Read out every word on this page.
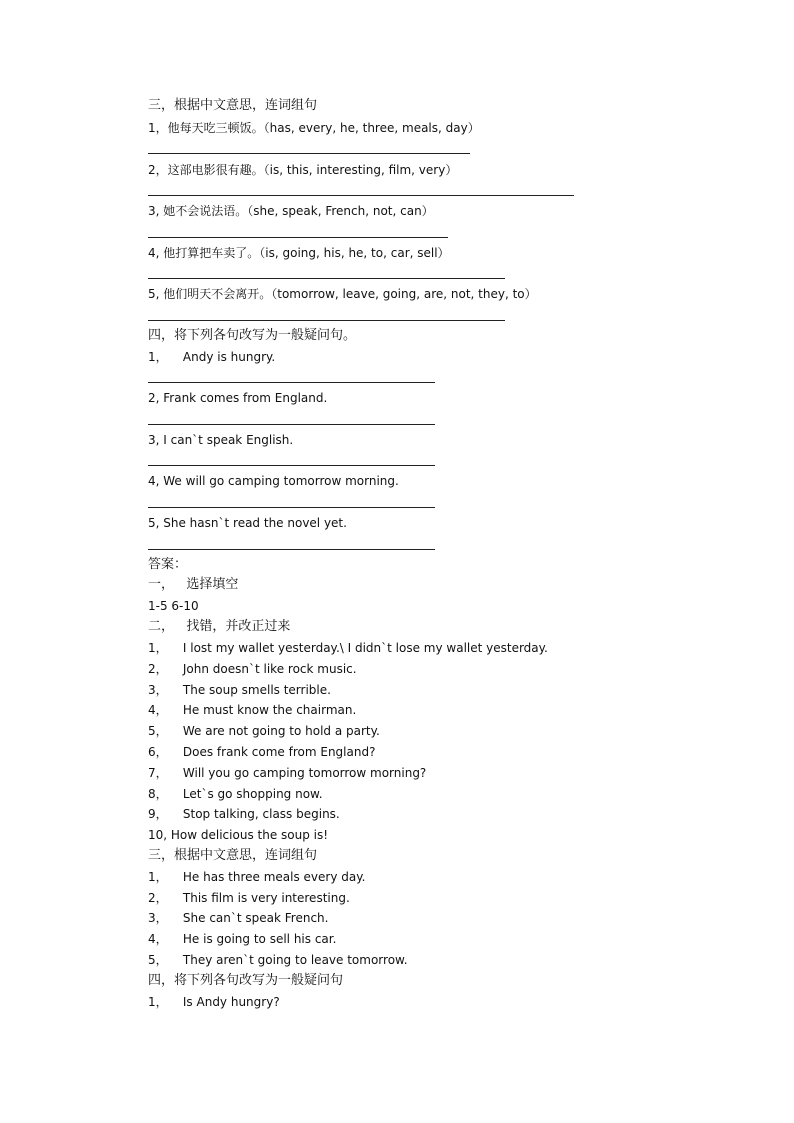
三，根据中文意思，连词组句
1，他每天吃三顿饭。（has, every, he, three, meals, day）
2，这部电影很有趣。（is, this, interesting, film, very）
3, 她不会说法语。（she, speak, French, not, can）
4, 他打算把车卖了。（is, going, his, he, to, car, sell）
5, 他们明天不会离开。（tomorrow, leave, going, are, not, they, to）
四，将下列各句改写为一般疑问句。
1，    Andy is hungry.
2, Frank comes from England.
3, I can`t speak English.
4, We will go camping tomorrow morning.
5, She hasn`t read the novel yet.
答案：
一，   选择填空
1-5 6-10
二，   找错，并改正过来
1，    I lost my wallet yesterday.\ I didn`t lose my wallet yesterday.
2，    John doesn`t like rock music.
3，    The soup smells terrible.
4，    He must know the chairman.
5，    We are not going to hold a party.
6，    Does frank come from England?
7，    Will you go camping tomorrow morning?
8，    Let`s go shopping now.
9，    Stop talking, class begins.
10, How delicious the soup is!
三，根据中文意思，连词组句
1，    He has three meals every day.
2，    This film is very interesting.
3，    She can`t speak French.
4，    He is going to sell his car.
5，    They aren`t going to leave tomorrow.
四，将下列各句改写为一般疑问句
1，    Is Andy hungry?
